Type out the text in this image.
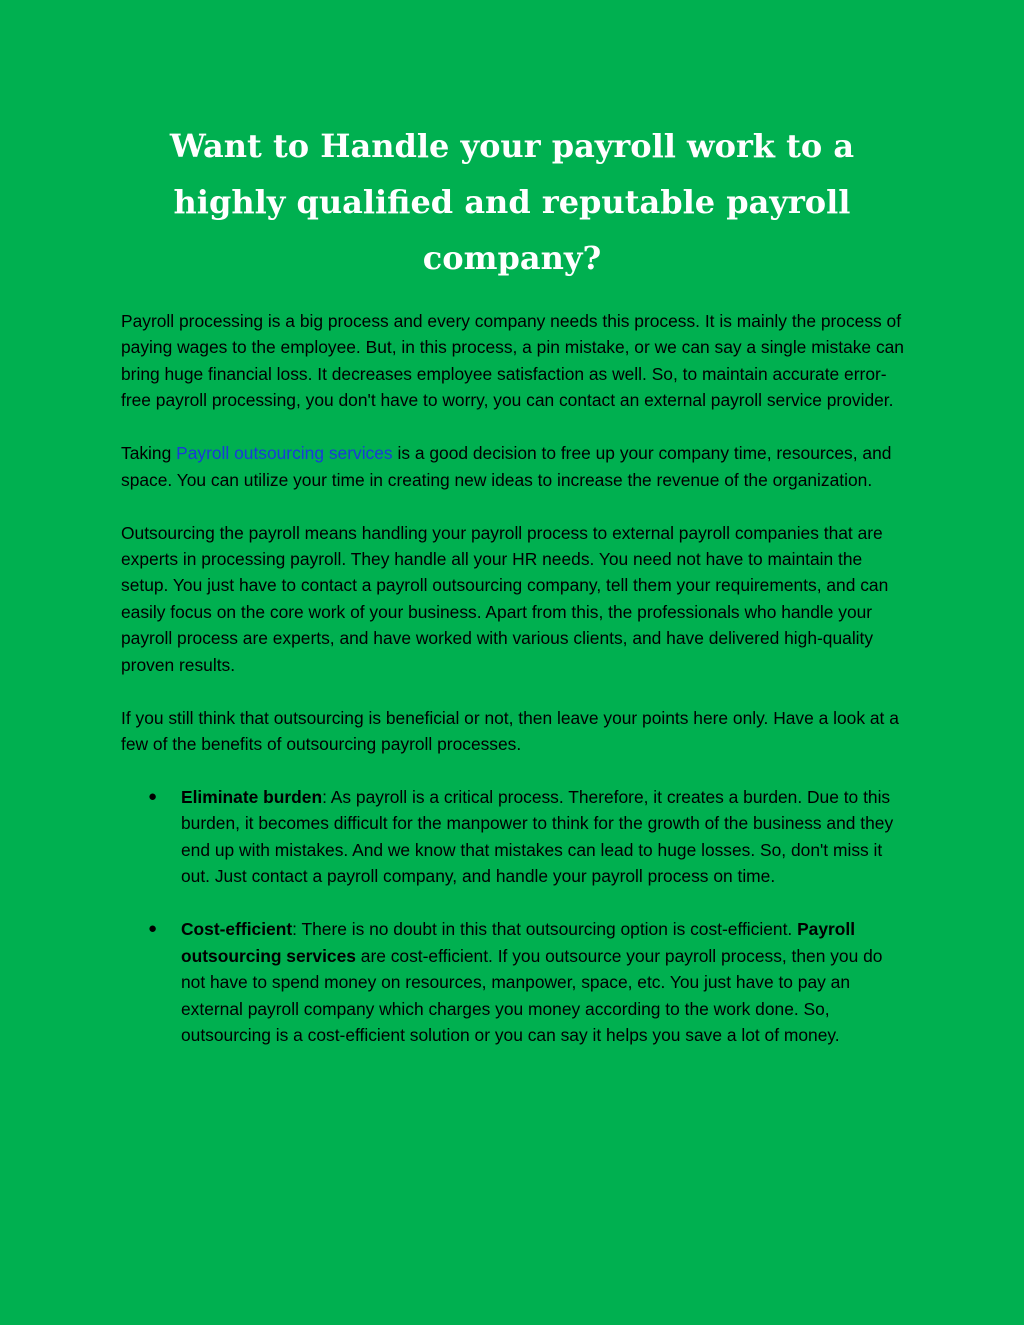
Want to Handle your payroll work to a highly qualified and reputable payroll company?

Payroll processing is a big process and every company needs this process. It is mainly the process of paying wages to the employee. But, in this process, a pin mistake, or we can say a single mistake can bring huge financial loss. It decreases employee satisfaction as well. So, to maintain accurate error-free payroll processing, you don't have to worry, you can contact an external payroll service provider.

Taking Payroll outsourcing services is a good decision to free up your company time, resources, and space. You can utilize your time in creating new ideas to increase the revenue of the organization.

Outsourcing the payroll means handling your payroll process to external payroll companies that are experts in processing payroll. They handle all your HR needs. You need not have to maintain the setup. You just have to contact a payroll outsourcing company, tell them your requirements, and can easily focus on the core work of your business. Apart from this, the professionals who handle your payroll process are experts, and have worked with various clients, and have delivered high-quality proven results.

If you still think that outsourcing is beneficial or not, then leave your points here only. Have a look at a few of the benefits of outsourcing payroll processes.

● Eliminate burden: As payroll is a critical process. Therefore, it creates a burden. Due to this burden, it becomes difficult for the manpower to think for the growth of the business and they end up with mistakes. And we know that mistakes can lead to huge losses. So, don't miss it out. Just contact a payroll company, and handle your payroll process on time.
● Cost-efficient: There is no doubt in this that outsourcing option is cost-efficient. Payroll outsourcing services are cost-efficient. If you outsource your payroll process, then you do not have to spend money on resources, manpower, space, etc. You just have to pay an external payroll company which charges you money according to the work done. So, outsourcing is a cost-efficient solution or you can say it helps you save a lot of money.
